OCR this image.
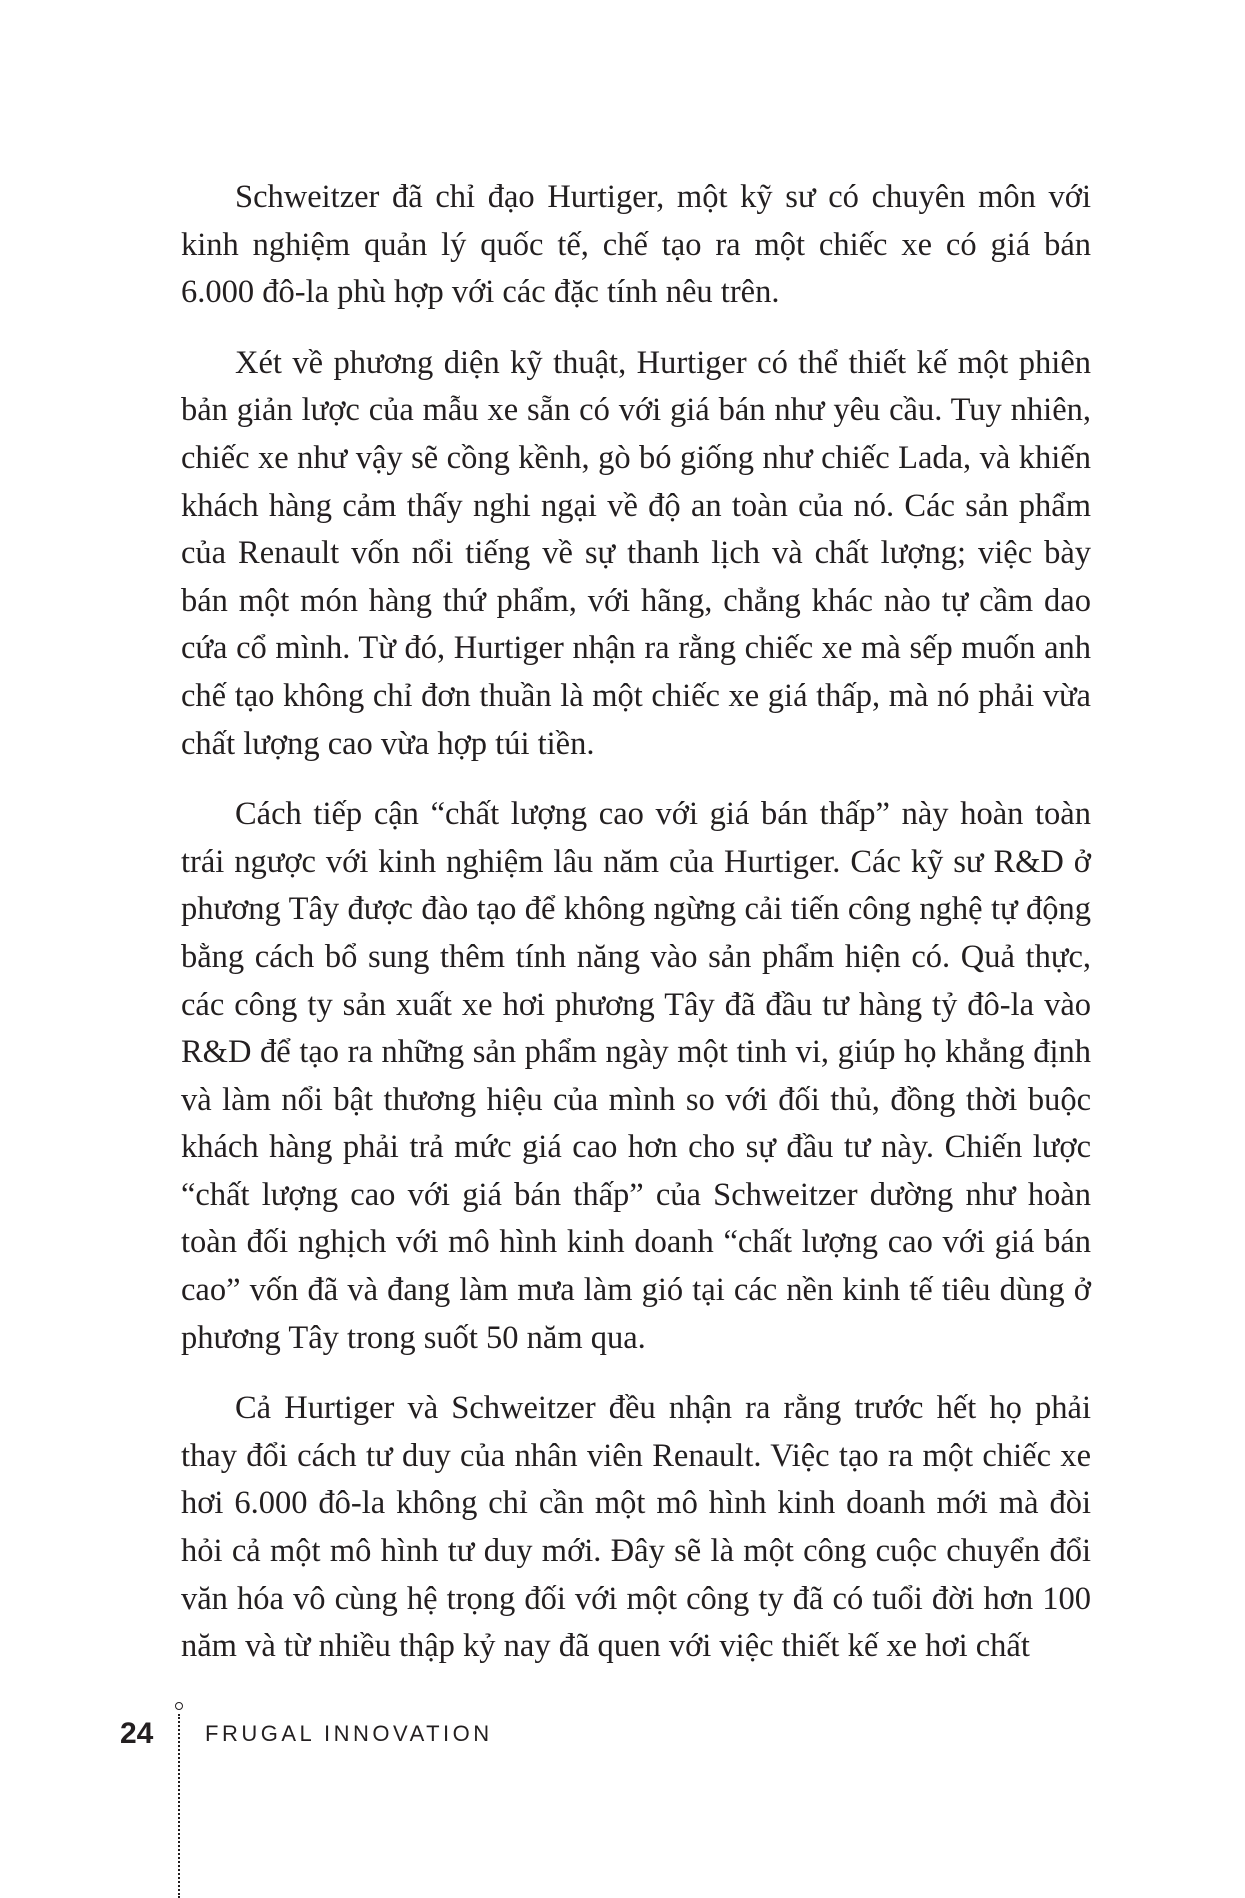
Schweitzer đã chỉ đạo Hurtiger, một kỹ sư có chuyên môn với kinh nghiệm quản lý quốc tế, chế tạo ra một chiếc xe có giá bán 6.000 đô-la phù hợp với các đặc tính nêu trên.

Xét về phương diện kỹ thuật, Hurtiger có thể thiết kế một phiên bản giản lược của mẫu xe sẵn có với giá bán như yêu cầu. Tuy nhiên, chiếc xe như vậy sẽ cồng kềnh, gò bó giống như chiếc Lada, và khiến khách hàng cảm thấy nghi ngại về độ an toàn của nó. Các sản phẩm của Renault vốn nổi tiếng về sự thanh lịch và chất lượng; việc bày bán một món hàng thứ phẩm, với hãng, chẳng khác nào tự cầm dao cứa cổ mình. Từ đó, Hurtiger nhận ra rằng chiếc xe mà sếp muốn anh chế tạo không chỉ đơn thuần là một chiếc xe giá thấp, mà nó phải vừa chất lượng cao vừa hợp túi tiền.

Cách tiếp cận “chất lượng cao với giá bán thấp” này hoàn toàn trái ngược với kinh nghiệm lâu năm của Hurtiger. Các kỹ sư R&D ở phương Tây được đào tạo để không ngừng cải tiến công nghệ tự động bằng cách bổ sung thêm tính năng vào sản phẩm hiện có. Quả thực, các công ty sản xuất xe hơi phương Tây đã đầu tư hàng tỷ đô-la vào R&D để tạo ra những sản phẩm ngày một tinh vi, giúp họ khẳng định và làm nổi bật thương hiệu của mình so với đối thủ, đồng thời buộc khách hàng phải trả mức giá cao hơn cho sự đầu tư này. Chiến lược “chất lượng cao với giá bán thấp” của Schweitzer dường như hoàn toàn đối nghịch với mô hình kinh doanh “chất lượng cao với giá bán cao” vốn đã và đang làm mưa làm gió tại các nền kinh tế tiêu dùng ở phương Tây trong suốt 50 năm qua.

Cả Hurtiger và Schweitzer đều nhận ra rằng trước hết họ phải thay đổi cách tư duy của nhân viên Renault. Việc tạo ra một chiếc xe hơi 6.000 đô-la không chỉ cần một mô hình kinh doanh mới mà đòi hỏi cả một mô hình tư duy mới. Đây sẽ là một công cuộc chuyển đổi văn hóa vô cùng hệ trọng đối với một công ty đã có tuổi đời hơn 100 năm và từ nhiều thập kỷ nay đã quen với việc thiết kế xe hơi chất

24 FRUGAL INNOVATION
